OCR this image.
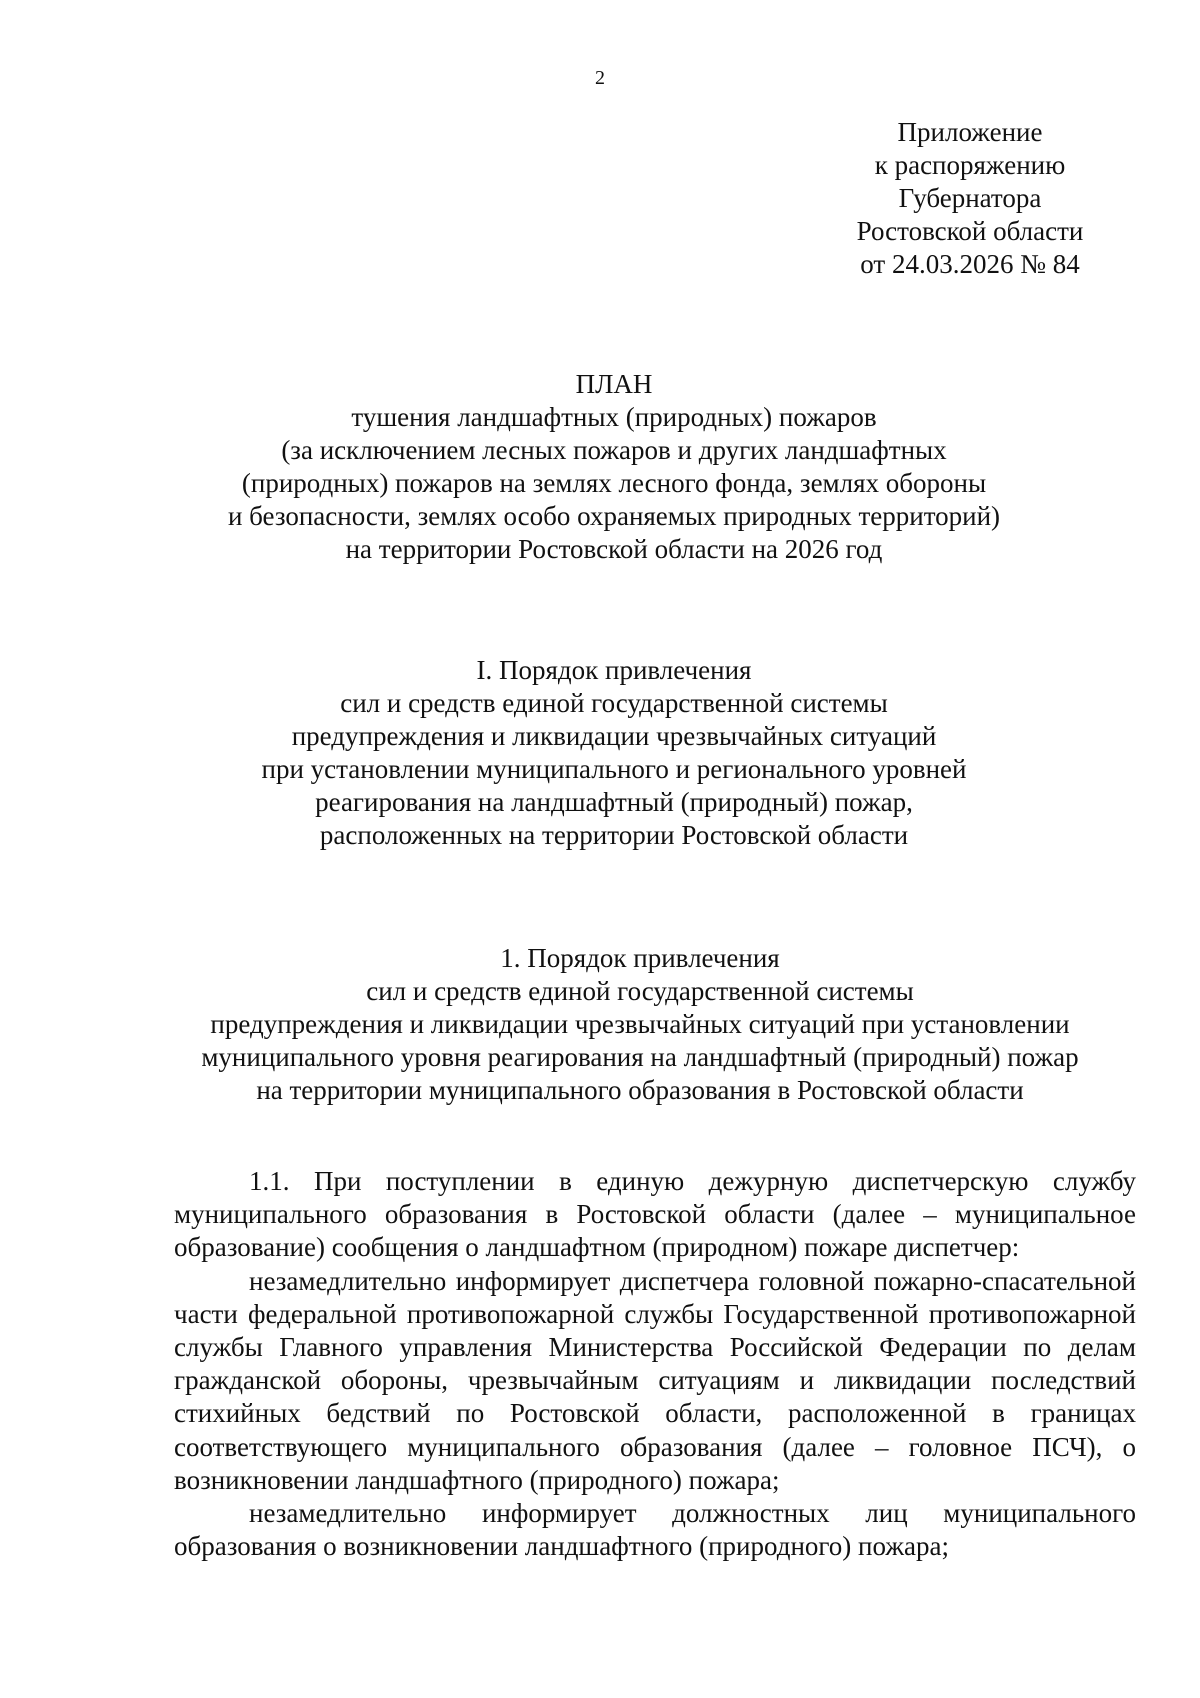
2
Приложение
к распоряжению
Губернатора
Ростовской области
от 24.03.2026 № 84
ПЛАН
тушения ландшафтных (природных) пожаров
(за исключением лесных пожаров и других ландшафтных
(природных) пожаров на землях лесного фонда, землях обороны
и безопасности, землях особо охраняемых природных территорий)
на территории Ростовской области на 2026 год
I. Порядок привлечения
сил и средств единой государственной системы
предупреждения и ликвидации чрезвычайных ситуаций
при установлении муниципального и регионального уровней
реагирования на ландшафтный (природный) пожар,
расположенных на территории Ростовской области
1. Порядок привлечения
сил и средств единой государственной системы
предупреждения и ликвидации чрезвычайных ситуаций при установлении
муниципального уровня реагирования на ландшафтный (природный) пожар
на территории муниципального образования в Ростовской области

1.1. При поступлении в единую дежурную диспетчерскую службу муниципального образования в Ростовской области (далее – муниципальное образование) сообщения о ландшафтном (природном) пожаре диспетчер:

незамедлительно информирует диспетчера головной пожарно-спасательной части федеральной противопожарной службы Государственной противопожарной службы Главного управления Министерства Российской Федерации по делам гражданской обороны, чрезвычайным ситуациям и ликвидации последствий стихийных бедствий по Ростовской области, расположенной в границах соответствующего муниципального образования (далее – головное ПСЧ), о возникновении ландшафтного (природного) пожара;

незамедлительно информирует должностных лиц муниципального образования о возникновении ландшафтного (природного) пожара;
